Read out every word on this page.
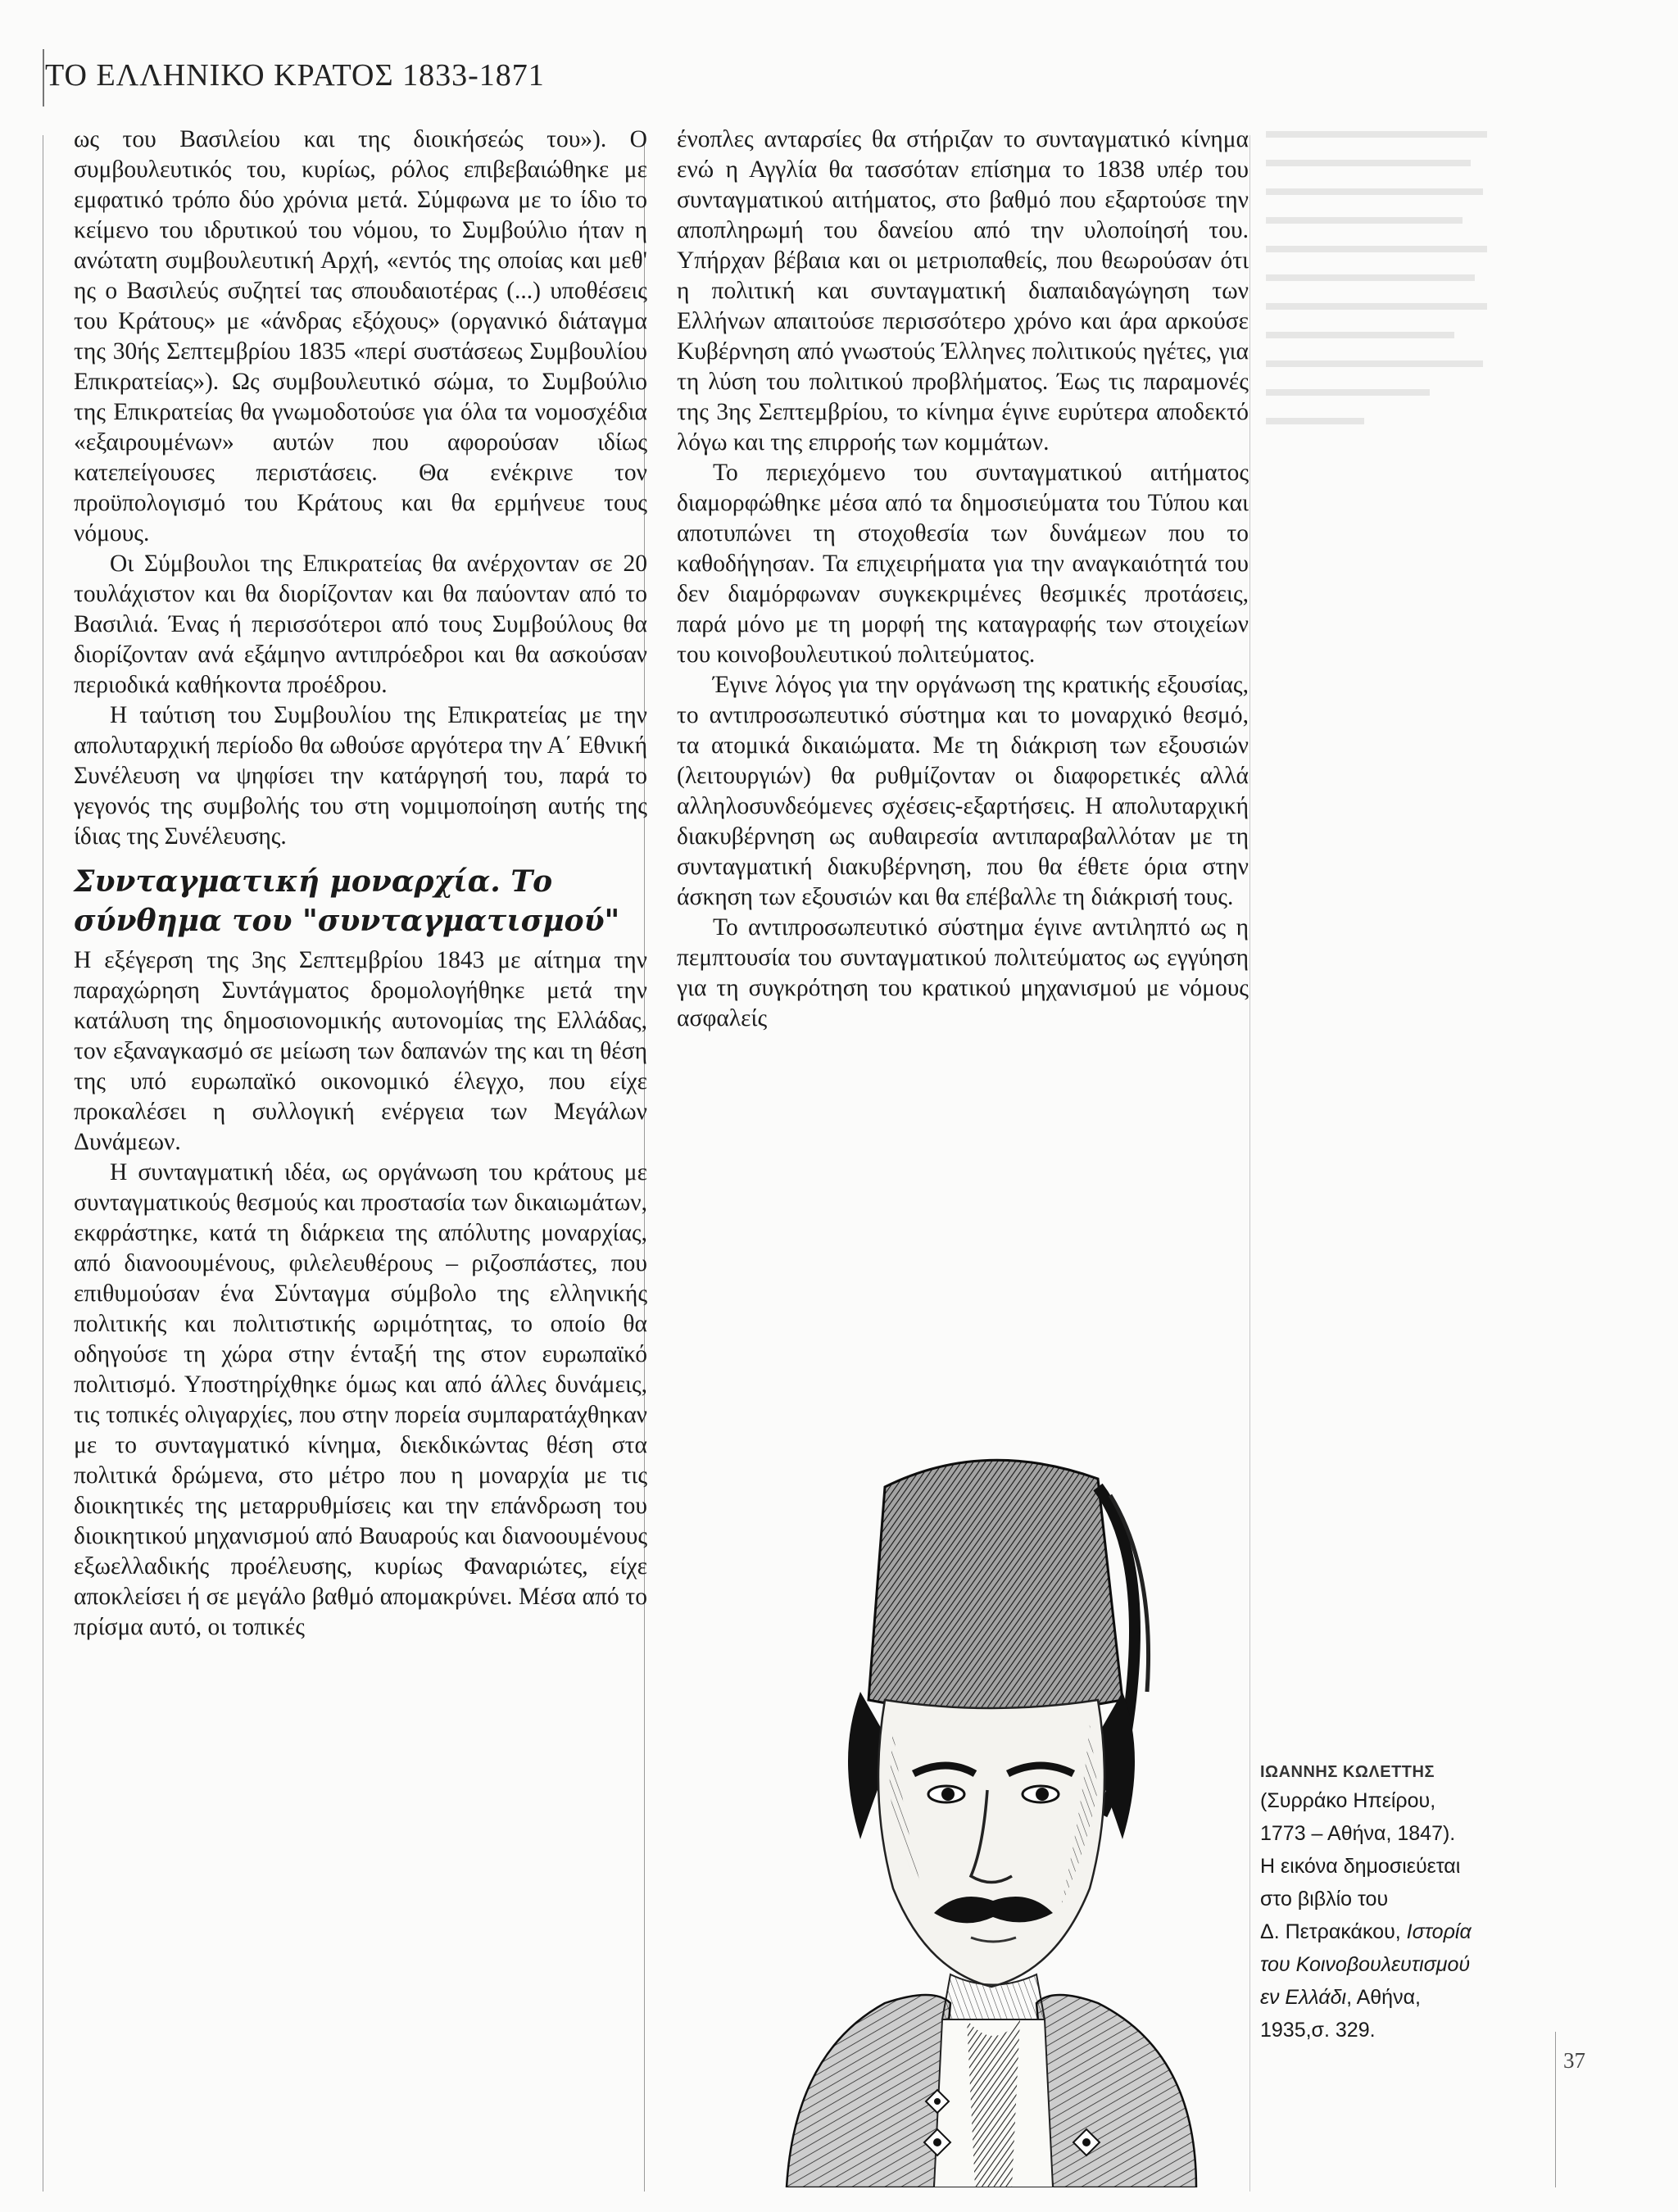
ΤΟ ΕΛΛΗΝΙΚΟ ΚΡΑΤΟΣ 1833-1871

ως του Βασιλείου και της διοικήσεώς του»). Ο συμβουλευτικός του, κυρίως, ρόλος επιβεβαιώθηκε με εμφατικό τρόπο δύο χρόνια μετά. Σύμφωνα με το ίδιο το κείμενο του ιδρυτικού του νόμου, το Συμβούλιο ήταν η ανώτατη συμβουλευτική Αρχή, «εντός της οποίας και μεθ' ης ο Βασιλεύς συζητεί τας σπουδαιοτέρας (...) υποθέσεις του Κράτους» με «άνδρας εξόχους» (οργανικό διάταγμα της 30ής Σεπτεμβρίου 1835 «περί συστάσεως Συμβουλίου Επικρατείας»). Ως συμβουλευτικό σώμα, το Συμβούλιο της Επικρατείας θα γνωμοδοτούσε για όλα τα νομοσχέδια «εξαιρουμένων» αυτών που αφορούσαν ιδίως κατεπείγουσες περιστάσεις. Θα ενέκρινε τον προϋπολογισμό του Κράτους και θα ερμήνευε τους νόμους.

Οι Σύμβουλοι της Επικρατείας θα ανέρχονταν σε 20 τουλάχιστον και θα διορίζονταν και θα παύονταν από το Βασιλιά. Ένας ή περισσότεροι από τους Συμβούλους θα διορίζονταν ανά εξάμηνο αντιπρόεδροι και θα ασκούσαν περιοδικά καθήκοντα προέδρου.

Η ταύτιση του Συμβουλίου της Επικρατείας με την απολυταρχική περίοδο θα ωθούσε αργότερα την Α΄ Εθνική Συνέλευση να ψηφίσει την κατάργησή του, παρά το γεγονός της συμβολής του στη νομιμοποίηση αυτής της ίδιας της Συνέλευσης.

Συνταγματική μοναρχία. Το σύνθημα του "συνταγματισμού"

Η εξέγερση της 3ης Σεπτεμβρίου 1843 με αίτημα την παραχώρηση Συντάγματος δρομολογήθηκε μετά την κατάλυση της δημοσιονομικής αυτονομίας της Ελλάδας, τον εξαναγκασμό σε μείωση των δαπανών της και τη θέση της υπό ευρωπαϊκό οικονομικό έλεγχο, που είχε προκαλέσει η συλλογική ενέργεια των Μεγάλων Δυνάμεων.

Η συνταγματική ιδέα, ως οργάνωση του κράτους με συνταγματικούς θεσμούς και προστασία των δικαιωμάτων, εκφράστηκε, κατά τη διάρκεια της απόλυτης μοναρχίας, από διανοουμένους, φιλελευθέρους – ριζοσπάστες, που επιθυμούσαν ένα Σύνταγμα σύμβολο της ελληνικής πολιτικής και πολιτιστικής ωριμότητας, το οποίο θα οδηγούσε τη χώρα στην ένταξή της στον ευρωπαϊκό πολιτισμό. Υποστηρίχθηκε όμως και από άλλες δυνάμεις, τις τοπικές ολιγαρχίες, που στην πορεία συμπαρατάχθηκαν με το συνταγματικό κίνημα, διεκδικώντας θέση στα πολιτικά δρώμενα, στο μέτρο που η μοναρχία με τις διοικητικές της μεταρρυθμίσεις και την επάνδρωση του διοικητικού μηχανισμού από Βαυαρούς και διανοουμένους εξωελλαδικής προέλευσης, κυρίως Φαναριώτες, είχε αποκλείσει ή σε μεγάλο βαθμό απομακρύνει. Μέσα από το πρίσμα αυτό, οι τοπικές

ένοπλες ανταρσίες θα στήριζαν το συνταγματικό κίνημα ενώ η Αγγλία θα τασσόταν επίσημα το 1838 υπέρ του συνταγματικού αιτήματος, στο βαθμό που εξαρτούσε την αποπληρωμή του δανείου από την υλοποίησή του. Υπήρχαν βέβαια και οι μετριοπαθείς, που θεωρούσαν ότι η πολιτική και συνταγματική διαπαιδαγώγηση των Ελλήνων απαιτούσε περισσότερο χρόνο και άρα αρκούσε Κυβέρνηση από γνωστούς Έλληνες πολιτικούς ηγέτες, για τη λύση του πολιτικού προβλήματος. Έως τις παραμονές της 3ης Σεπτεμβρίου, το κίνημα έγινε ευρύτερα αποδεκτό λόγω και της επιρροής των κομμάτων.

Το περιεχόμενο του συνταγματικού αιτήματος διαμορφώθηκε μέσα από τα δημοσιεύματα του Τύπου και αποτυπώνει τη στοχοθεσία των δυνάμεων που το καθοδήγησαν. Τα επιχειρήματα για την αναγκαιότητά του δεν διαμόρφωναν συγκεκριμένες θεσμικές προτάσεις, παρά μόνο με τη μορφή της καταγραφής των στοιχείων του κοινοβουλευτικού πολιτεύματος.

Έγινε λόγος για την οργάνωση της κρατικής εξουσίας, το αντιπροσωπευτικό σύστημα και το μοναρχικό θεσμό, τα ατομικά δικαιώματα. Με τη διάκριση των εξουσιών (λειτουργιών) θα ρυθμίζονταν οι διαφορετικές αλλά αλληλοσυνδεόμενες σχέσεις-εξαρτήσεις. Η απολυταρχική διακυβέρνηση ως αυθαιρεσία αντιπαραβαλλόταν με τη συνταγματική διακυβέρνηση, που θα έθετε όρια στην άσκηση των εξουσιών και θα επέβαλλε τη διάκρισή τους.

Το αντιπροσωπευτικό σύστημα έγινε αντιληπτό ως η πεμπτουσία του συνταγματικού πολιτεύματος ως εγγύηση για τη συγκρότηση του κρατικού μηχανισμού με νόμους ασφαλείς

ΙΩΑΝΝΗΣ ΚΩΛΕΤΤΗΣ
(Συρράκο Ηπείρου,
1773 – Αθήνα, 1847).
Η εικόνα δημοσιεύεται
στο βιβλίο του
Δ. Πετρακάκου, Ιστορία
του Κοινοβουλευτισμού
εν Ελλάδι, Αθήνα,
1935,σ. 329.
37
